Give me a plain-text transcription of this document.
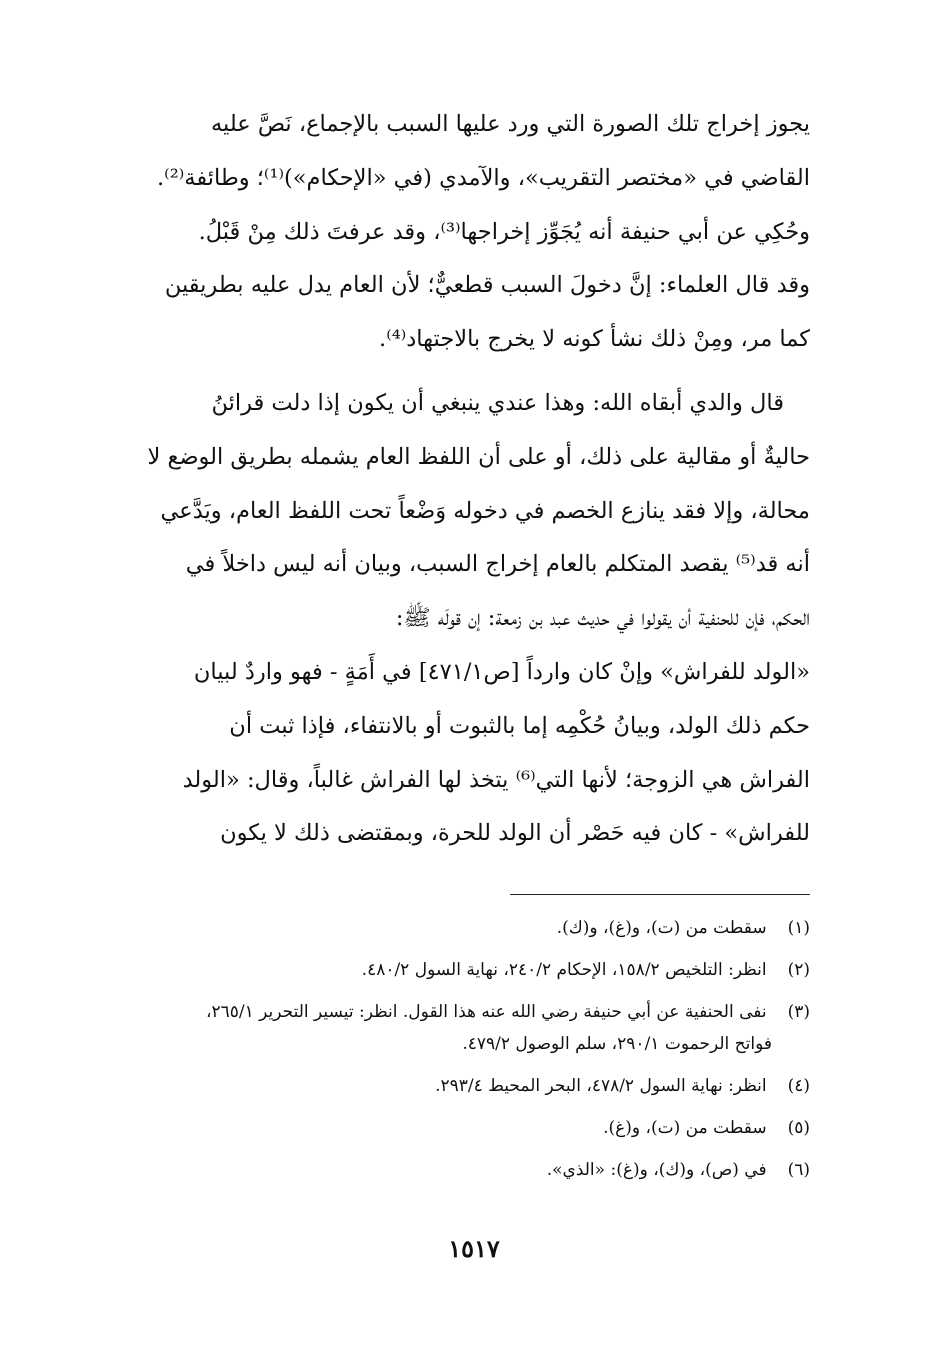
يجوز إخراج تلك الصورة التي ورد عليها السبب بالإجماع، نَصَّ عليه
القاضي في «مختصر التقريب»، والآمدي (في «الإحكام»)⁽¹⁾؛ وطائفة⁽²⁾.
وحُكِي عن أبي حنيفة أنه يُجَوِّز إخراجها⁽³⁾، وقد عرفتَ ذلك مِنْ قَبْلُ.
وقد قال العلماء: إنَّ دخولَ السبب قطعيٌّ؛ لأن العام يدل عليه بطريقين
كما مر، ومِنْ ذلك نشأ كونه لا يخرج بالاجتهاد⁽⁴⁾.

قال والدي أبقاه الله: وهذا عندي ينبغي أن يكون إذا دلت قرائنُ
حاليةٌ أو مقالية على ذلك، أو على أن اللفظ العام يشمله بطريق الوضع لا
محالة، وإلا فقد ينازع الخصم في دخوله وَضْعاً تحت اللفظ العام، ويَدَّعي
أنه قد⁽⁵⁾ يقصد المتكلم بالعام إخراج السبب، وبيان أنه ليس داخلاً في
الحكم، فإن للحنفية أن يقولوا في حديث عبد بن زمعة: إن قولَه ﷺ:
«الولد للفراش» وإنْ كان وارداً [ص٤٧١/١] في أَمَةٍ - فهو واردٌ لبيان
حكم ذلك الولد، وبيانُ حُكْمِه إما بالثبوت أو بالانتفاء، فإذا ثبت أن
الفراش هي الزوجة؛ لأنها التي⁽⁶⁾ يتخذ لها الفراش غالباً، وقال: «الولد
للفراش» - كان فيه حَصْر أن الولد للحرة، وبمقتضى ذلك لا يكون

(١) سقطت من (ت)، و(غ)، و(ك).

(٢) انظر: التلخيص ١٥٨/٢، الإحكام ٢٤٠/٢، نهاية السول ٤٨٠/٢.

(٣) نفى الحنفية عن أبي حنيفة رضي الله عنه هذا القول. انظر: تيسير التحرير ٢٦٥/١،
فواتح الرحموت ٢٩٠/١، سلم الوصول ٤٧٩/٢.

(٤) انظر: نهاية السول ٤٧٨/٢، البحر المحيط ٢٩٣/٤.

(٥) سقطت من (ت)، و(غ).

(٦) في (ص)، و(ك)، و(غ): «الذي».

١٥١٧
